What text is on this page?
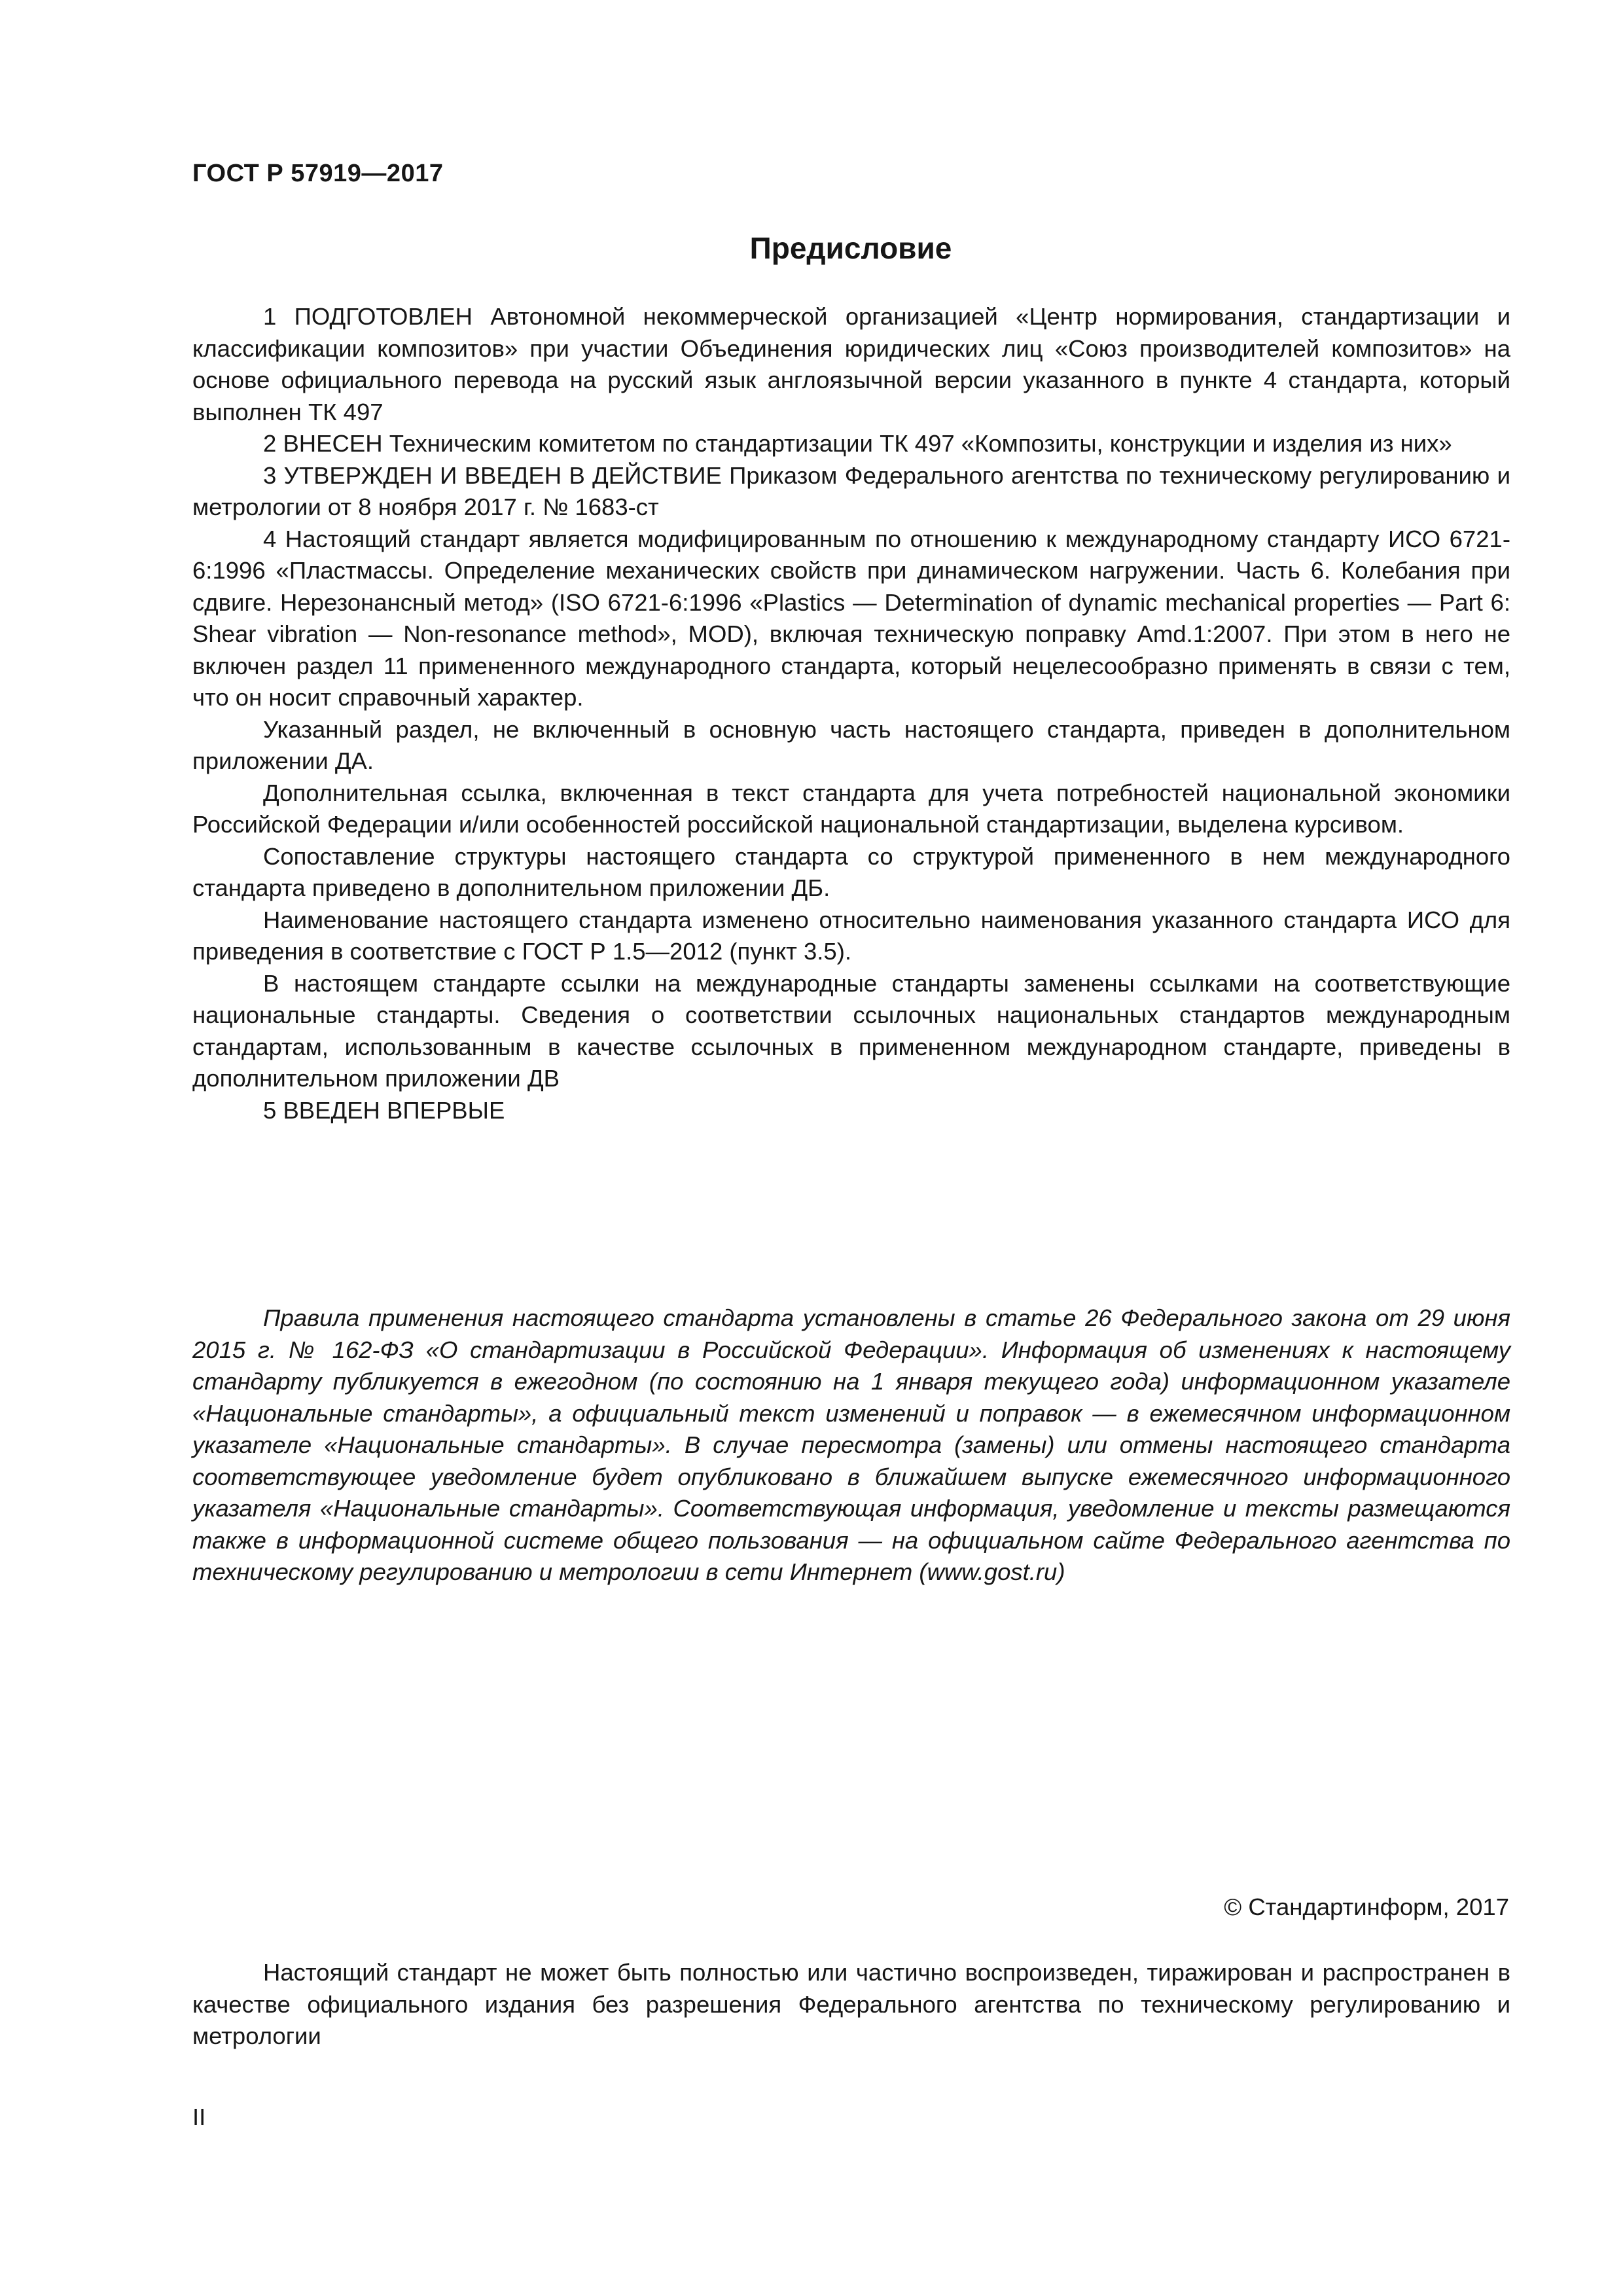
ГОСТ Р 57919—2017
Предисловие

1 ПОДГОТОВЛЕН Автономной некоммерческой организацией «Центр нормирования, стандартизации и классификации композитов» при участии Объединения юридических лиц «Союз производителей композитов» на основе официального перевода на русский язык англоязычной версии указанного в пункте 4 стандарта, который выполнен ТК 497

2 ВНЕСЕН Техническим комитетом по стандартизации ТК 497 «Композиты, конструкции и изделия из них»

3 УТВЕРЖДЕН И ВВЕДЕН В ДЕЙСТВИЕ Приказом Федерального агентства по техническому регулированию и метрологии от 8 ноября 2017 г. № 1683-ст

4 Настоящий стандарт является модифицированным по отношению к международному стандарту ИСО 6721-6:1996 «Пластмассы. Определение механических свойств при динамическом нагружении. Часть 6. Колебания при сдвиге. Нерезонансный метод» (ISO 6721-6:1996 «Plastics — Determination of dynamic mechanical properties — Part 6: Shear vibration — Non-resonance method», MOD), включая техническую поправку Amd.1:2007. При этом в него не включен раздел 11 примененного международного стандарта, который нецелесообразно применять в связи с тем, что он носит справочный характер.

Указанный раздел, не включенный в основную часть настоящего стандарта, приведен в дополнительном приложении ДА.

Дополнительная ссылка, включенная в текст стандарта для учета потребностей национальной экономики Российской Федерации и/или особенностей российской национальной стандартизации, выделена курсивом.

Сопоставление структуры настоящего стандарта со структурой примененного в нем международного стандарта приведено в дополнительном приложении ДБ.

Наименование настоящего стандарта изменено относительно наименования указанного стандарта ИСО для приведения в соответствие с ГОСТ Р 1.5—2012 (пункт 3.5).

В настоящем стандарте ссылки на международные стандарты заменены ссылками на соответствующие национальные стандарты. Сведения о соответствии ссылочных национальных стандартов международным стандартам, использованным в качестве ссылочных в примененном международном стандарте, приведены в дополнительном приложении ДВ

5 ВВЕДЕН ВПЕРВЫЕ

Правила применения настоящего стандарта установлены в статье 26 Федерального закона от 29 июня 2015 г. № 162-ФЗ «О стандартизации в Российской Федерации». Информация об изменениях к настоящему стандарту публикуется в ежегодном (по состоянию на 1 января текущего года) информационном указателе «Национальные стандарты», а официальный текст изменений и поправок — в ежемесячном информационном указателе «Национальные стандарты». В случае пересмотра (замены) или отмены настоящего стандарта соответствующее уведомление будет опубликовано в ближайшем выпуске ежемесячного информационного указателя «Национальные стандарты». Соответствующая информация, уведомление и тексты размещаются также в информационной системе общего пользования — на официальном сайте Федерального агентства по техническому регулированию и метрологии в сети Интернет (www.gost.ru)

© Стандартинформ, 2017

Настоящий стандарт не может быть полностью или частично воспроизведен, тиражирован и распространен в качестве официального издания без разрешения Федерального агентства по техническому регулированию и метрологии

II
